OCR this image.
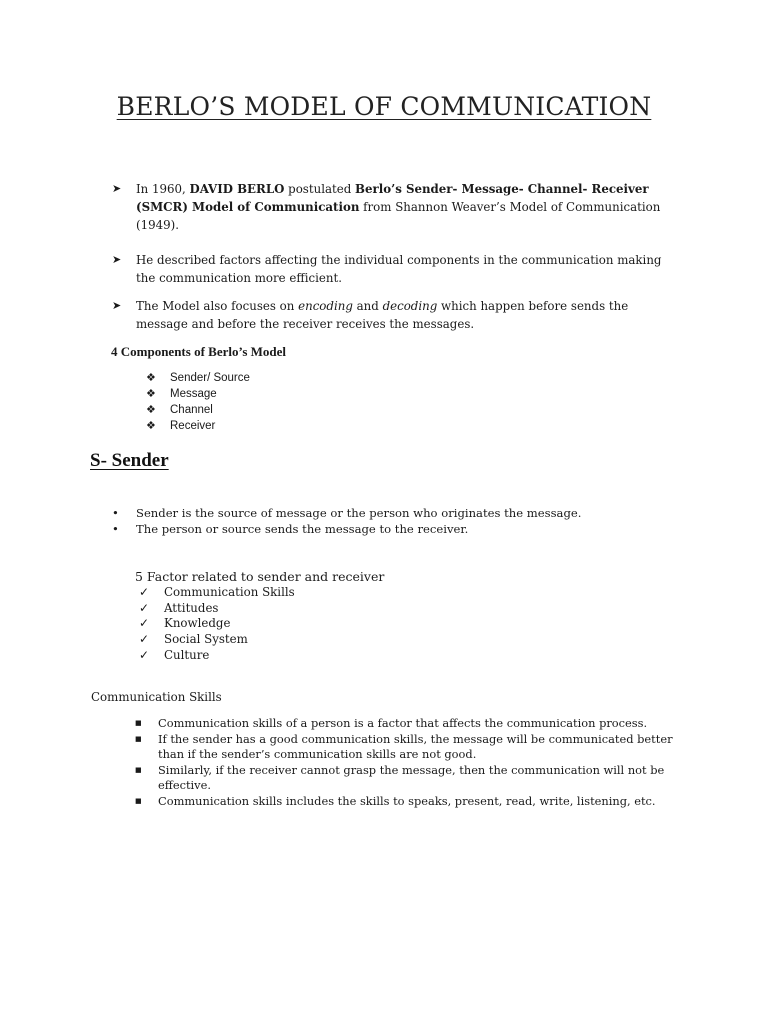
BERLO’S MODEL OF COMMUNICATION
➤ In 1960, DAVID BERLO postulated Berlo’s Sender- Message- Channel- Receiver (SMCR) Model of Communication from Shannon Weaver’s Model of Communication (1949).
➤ He described factors affecting the individual components in the communication making the communication more efficient.
➤ The Model also focuses on encoding and decoding which happen before sends the message and before the receiver receives the messages.
4 Components of Berlo’s Model
❖ Sender/ Source
❖ Message
❖ Channel
❖ Receiver
S- Sender
• Sender is the source of message or the person who originates the message.
• The person or source sends the message to the receiver.
5 Factor related to sender and receiver
✓ Communication Skills
✓ Attitudes
✓ Knowledge
✓ Social System
✓ Culture
Communication Skills
■ Communication skills of a person is a factor that affects the communication process.
■ If the sender has a good communication skills, the message will be communicated better than if the sender’s communication skills are not good.
■ Similarly, if the receiver cannot grasp the message, then the communication will not be effective.
■ Communication skills includes the skills to speaks, present, read, write, listening, etc.
